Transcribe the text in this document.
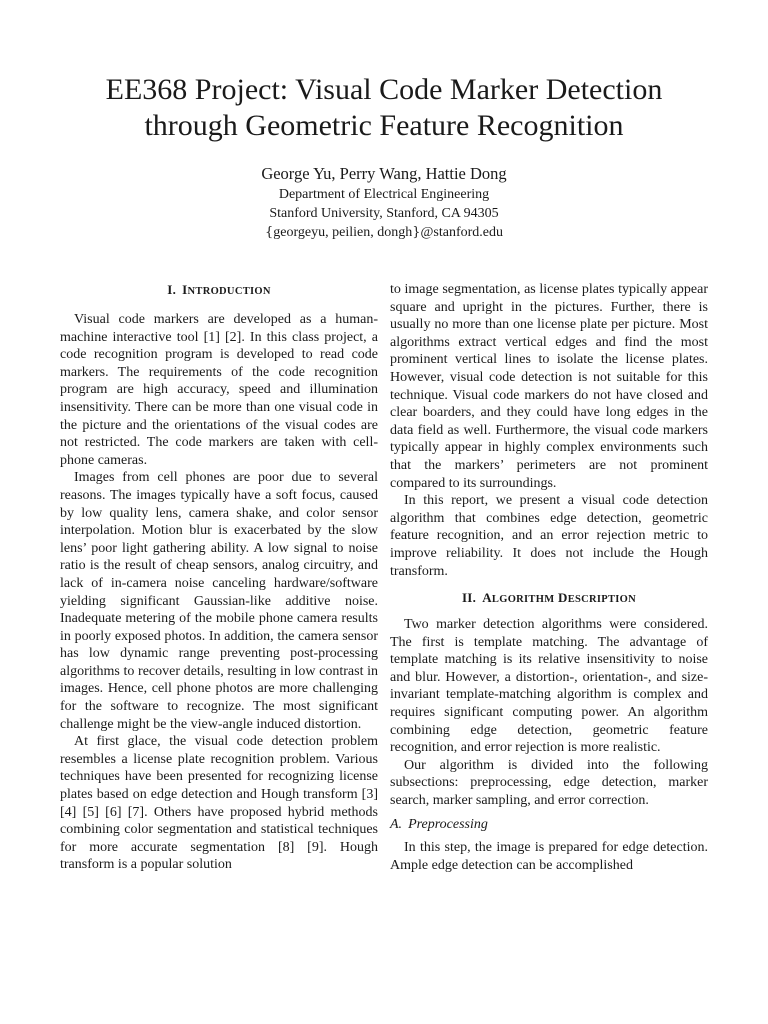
EE368 Project: Visual Code Marker Detection
through Geometric Feature Recognition
George Yu, Perry Wang, Hattie Dong
Department of Electrical Engineering
Stanford University, Stanford, CA 94305
{georgeyu, peilien, dongh}@stanford.edu
I. INTRODUCTION

Visual code markers are developed as a human-machine interactive tool [1] [2]. In this class project, a code recognition program is developed to read code markers. The requirements of the code recognition program are high accuracy, speed and illumination insensitivity. There can be more than one visual code in the picture and the orientations of the visual codes are not restricted. The code markers are taken with cell-phone cameras.

Images from cell phones are poor due to several reasons. The images typically have a soft focus, caused by low quality lens, camera shake, and color sensor interpolation. Motion blur is exacerbated by the slow lens’ poor light gathering ability. A low signal to noise ratio is the result of cheap sensors, analog circuitry, and lack of in-camera noise canceling hardware/software yielding significant Gaussian-like additive noise. Inadequate metering of the mobile phone camera results in poorly exposed photos. In addition, the camera sensor has low dynamic range preventing post-processing algorithms to recover details, resulting in low contrast in images. Hence, cell phone photos are more challenging for the software to recognize. The most significant challenge might be the view-angle induced distortion.

At first glace, the visual code detection problem resembles a license plate recognition problem. Various techniques have been presented for recognizing license plates based on edge detection and Hough transform [3] [4] [5] [6] [7]. Others have proposed hybrid methods combining color segmentation and statistical techniques for more accurate segmentation [8] [9]. Hough transform is a popular solution

to image segmentation, as license plates typically appear square and upright in the pictures. Further, there is usually no more than one license plate per picture. Most algorithms extract vertical edges and find the most prominent vertical lines to isolate the license plates. However, visual code detection is not suitable for this technique. Visual code markers do not have closed and clear boarders, and they could have long edges in the data field as well. Furthermore, the visual code markers typically appear in highly complex environments such that the markers’ perimeters are not prominent compared to its surroundings.

In this report, we present a visual code detection algorithm that combines edge detection, geometric feature recognition, and an error rejection metric to improve reliability. It does not include the Hough transform.

II. ALGORITHM DESCRIPTION

Two marker detection algorithms were considered. The first is template matching. The advantage of template matching is its relative insensitivity to noise and blur. However, a distortion-, orientation-, and size-invariant template-matching algorithm is complex and requires significant computing power. An algorithm combining edge detection, geometric feature recognition, and error rejection is more realistic.

Our algorithm is divided into the following subsections: preprocessing, edge detection, marker search, marker sampling, and error correction.

A. Preprocessing

In this step, the image is prepared for edge detection. Ample edge detection can be accomplished
